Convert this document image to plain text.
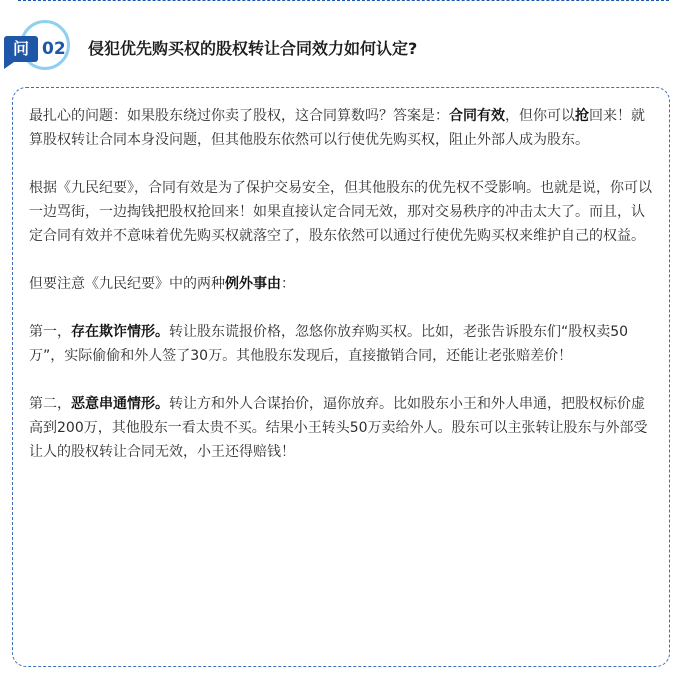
问 02 侵犯优先购买权的股权转让合同效力如何认定?

最扎心的问题：如果股东绕过你卖了股权，这合同算数吗？答案是：合同有效，但你可以抢回来！就算股权转让合同本身没问题，但其他股东依然可以行使优先购买权，阻止外部人成为股东。

根据《九民纪要》，合同有效是为了保护交易安全，但其他股东的优先权不受影响。也就是说，你可以一边骂街，一边掏钱把股权抢回来！如果直接认定合同无效，那对交易秩序的冲击太大了。而且，认定合同有效并不意味着优先购买权就落空了，股东依然可以通过行使优先购买权来维护自己的权益。

但要注意《九民纪要》中的两种例外事由：

第一，存在欺诈情形。转让股东谎报价格，忽悠你放弃购买权。比如，老张告诉股东们“股权卖50万”，实际偷偷和外人签了30万。其他股东发现后，直接撤销合同，还能让老张赔差价！

第二，恶意串通情形。转让方和外人合谋抬价，逼你放弃。比如股东小王和外人串通，把股权标价虚高到200万，其他股东一看太贵不买。结果小王转头50万卖给外人。股东可以主张转让股东与外部受让人的股权转让合同无效，小王还得赔钱！
